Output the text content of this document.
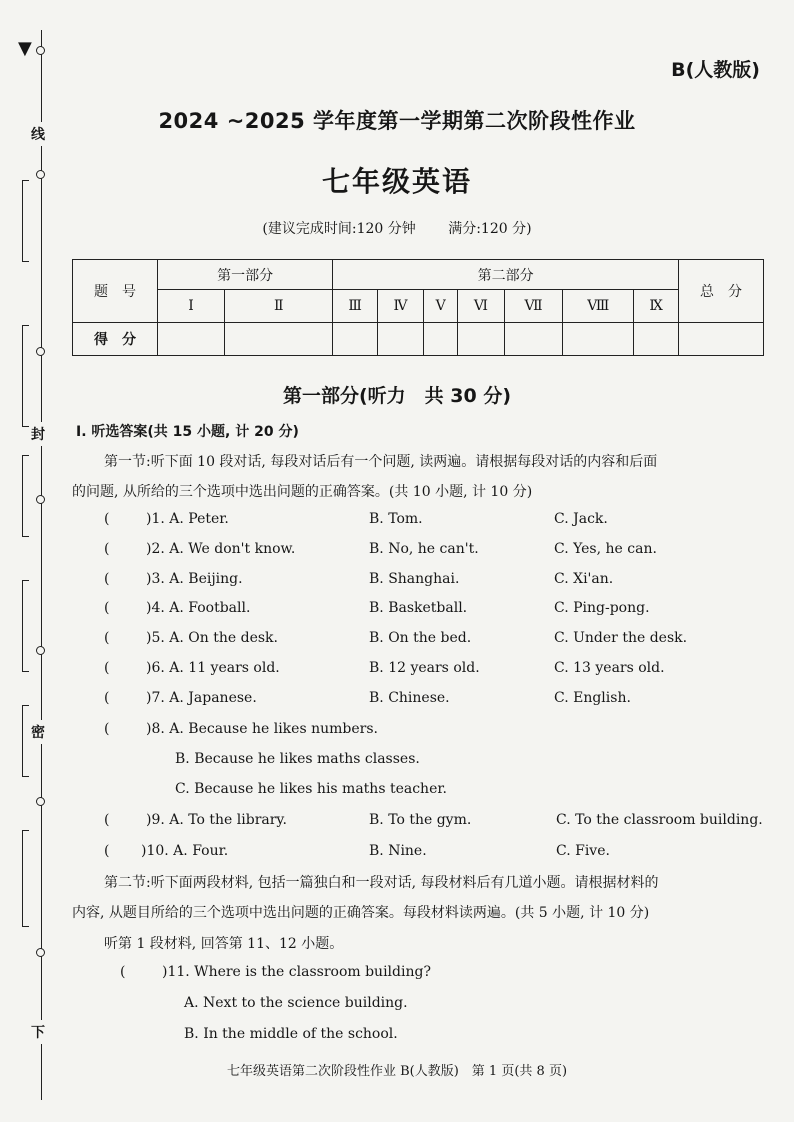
▼
线
封
密
下
B(人教版)
2024 ~2025 学年度第一学期第二次阶段性作业
七年级英语
(建议完成时间:120 分钟 满分:120 分)
题　号	第一部分		第二部分							总　分
	Ⅰ	Ⅱ	Ⅲ	Ⅳ	Ⅴ	Ⅵ	Ⅶ	Ⅷ	Ⅸ	
得　分										
第一部分(听力　共 30 分)
Ⅰ. 听选答案(共 15 小题, 计 20 分)
第一节:听下面 10 段对话, 每段对话后有一个问题, 读两遍。请根据每段对话的内容和后面
的问题, 从所给的三个选项中选出问题的正确答案。(共 10 小题, 计 10 分)
(	)1. A. Peter.	B. Tom.	C. Jack.
(	)2. A. We don't know.	B. No, he can't.	C. Yes, he can.
(	)3. A. Beijing.	B. Shanghai.	C. Xi'an.
(	)4. A. Football.	B. Basketball.	C. Ping-pong.
(	)5. A. On the desk.	B. On the bed.	C. Under the desk.
(	)6. A. 11 years old.	B. 12 years old.	C. 13 years old.
(	)7. A. Japanese.	B. Chinese.	C. English.
(	)8. A. Because he likes numbers.
B. Because he likes maths classes.
C. Because he likes his maths teacher.
(	)9. A. To the library.	B. To the gym.	C. To the classroom building.
( )10. A. Four.	B. Nine.	C. Five.
第二节:听下面两段材料, 包括一篇独白和一段对话, 每段材料后有几道小题。请根据材料的
内容, 从题目所给的三个选项中选出问题的正确答案。每段材料读两遍。(共 5 小题, 计 10 分)
听第 1 段材料, 回答第 11、12 小题。
(	)11. Where is the classroom building?
A. Next to the science building.
B. In the middle of the school.
七年级英语第二次阶段性作业 B(人教版)　第 1 页(共 8 页)
